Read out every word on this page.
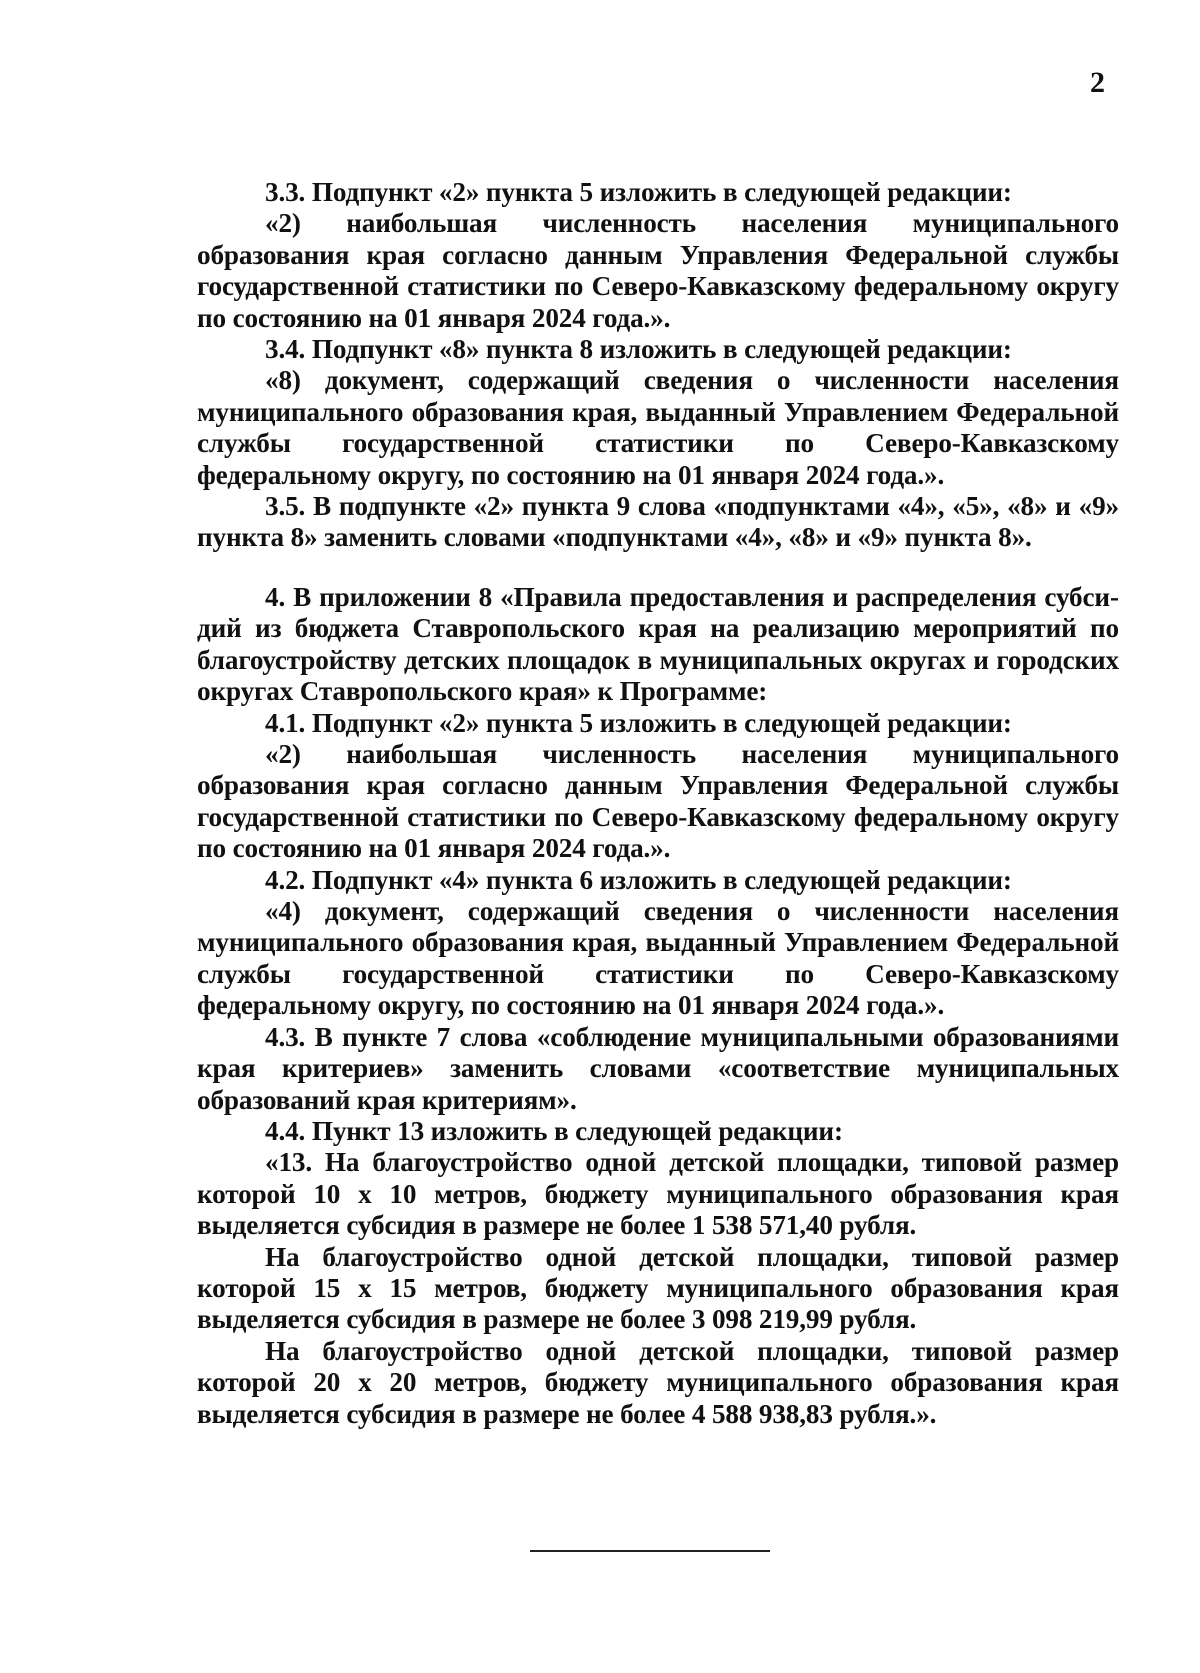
2

3.3. Подпункт «2» пункта 5 изложить в следующей редакции:

«2) наибольшая численность населения муниципального образования края согласно данным Управления Федеральной службы государственной статистики по Северо-Кавказскому федеральному округу по состоянию на 01 января 2024 года.».

3.4. Подпункт «8» пункта 8 изложить в следующей редакции:

«8) документ, содержащий сведения о численности населения муниципального образования края, выданный Управлением Федеральной службы государственной статистики по Северо-Кавказскому федеральному округу, по состоянию на 01 января 2024 года.».

3.5. В подпункте «2» пункта 9 слова «подпунктами «4», «5», «8» и «9» пункта 8» заменить словами «подпунктами «4», «8» и «9» пункта 8».

4. В приложении 8 «Правила предоставления и распределения субсидий из бюджета Ставропольского края на реализацию мероприятий по благоустройству детских площадок в муниципальных округах и городских округах Ставропольского края» к Программе:

4.1. Подпункт «2» пункта 5 изложить в следующей редакции:

«2) наибольшая численность населения муниципального образования края согласно данным Управления Федеральной службы государственной статистики по Северо-Кавказскому федеральному округу по состоянию на 01 января 2024 года.».

4.2. Подпункт «4» пункта 6 изложить в следующей редакции:

«4) документ, содержащий сведения о численности населения муниципального образования края, выданный Управлением Федеральной службы государственной статистики по Северо-Кавказскому федеральному округу, по состоянию на 01 января 2024 года.».

4.3. В пункте 7 слова «соблюдение муниципальными образованиями края критериев» заменить словами «соответствие муниципальных образований края критериям».

4.4. Пункт 13 изложить в следующей редакции:

«13. На благоустройство одной детской площадки, типовой размер которой 10 х 10 метров, бюджету муниципального образования края выделяется субсидия в размере не более 1 538 571,40 рубля.

На благоустройство одной детской площадки, типовой размер которой 15 х 15 метров, бюджету муниципального образования края выделяется субсидия в размере не более 3 098 219,99 рубля.

На благоустройство одной детской площадки, типовой размер которой 20 х 20 метров, бюджету муниципального образования края выделяется субсидия в размере не более 4 588 938,83 рубля.».
